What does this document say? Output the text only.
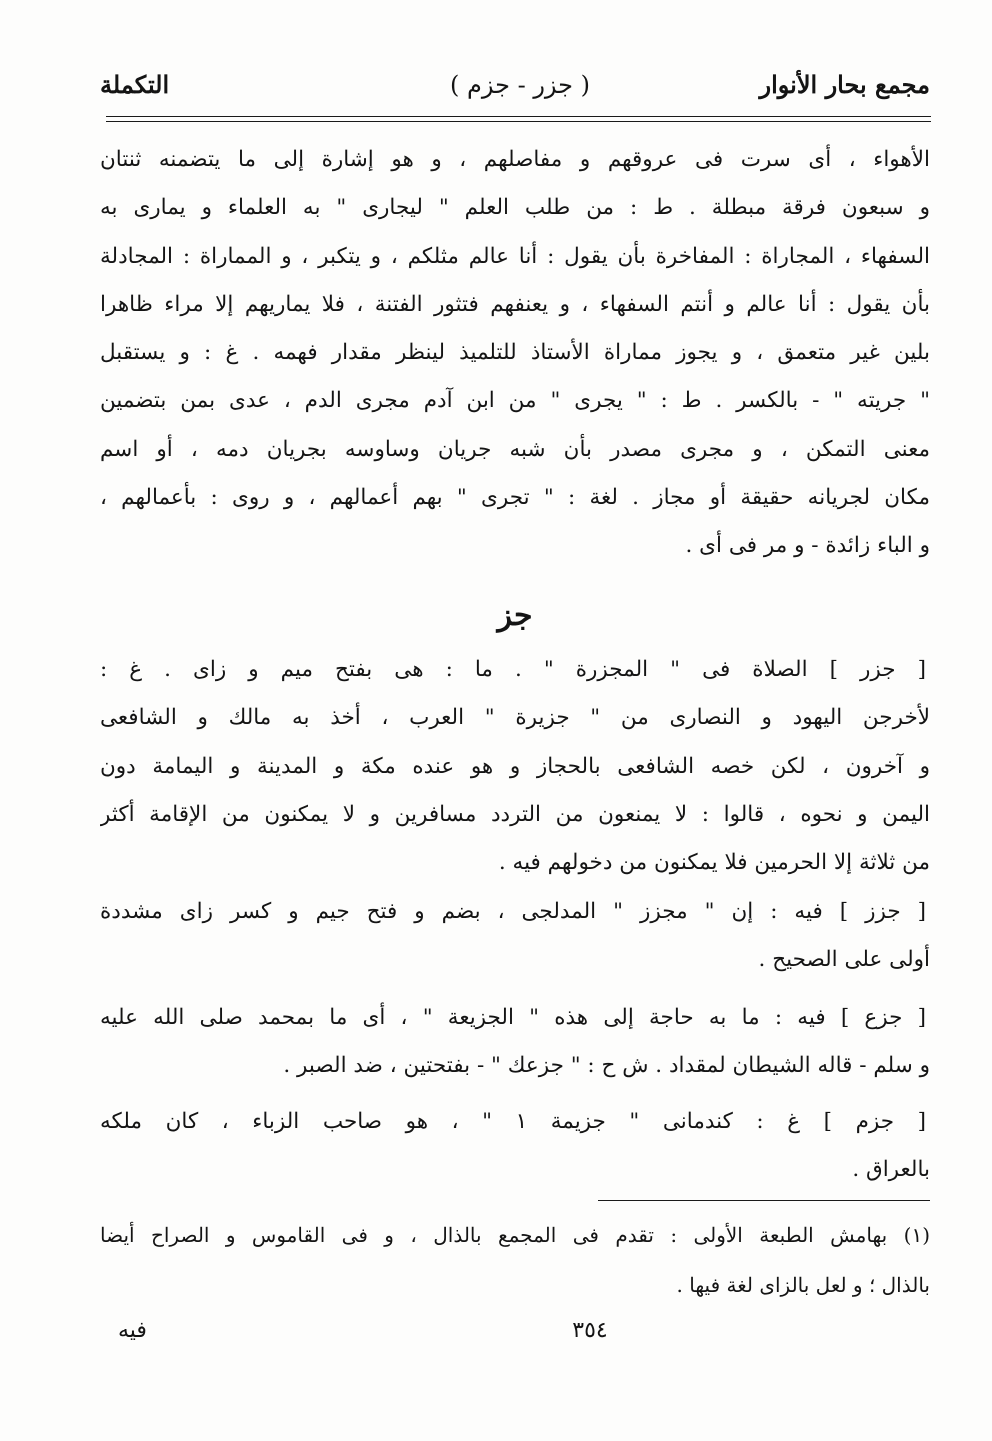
مجمع بحار الأنوار
( جزر - جزم )
التكملة
الأهواء ، أى سرت فى عروقهم و مفاصلهم ، و هو إشارة إلى ما يتضمنه ثنتان
و سبعون فرقة مبطلة . ط : من طلب العلم " ليجارى " به العلماء و يمارى به
السفهاء ، المجاراة : المفاخرة بأن يقول : أنا عالم مثلكم ، و يتكبر ، و المماراة : المجادلة
بأن يقول : أنا عالم و أنتم السفهاء ، و يعنفهم فتثور الفتنة ، فلا يماريهم إلا مراء ظاهرا
بلين غير متعمق ، و يجوز مماراة الأستاذ للتلميذ لينظر مقدار فهمه . غ : و يستقبل
" جريته " - بالكسر . ط : " يجرى " من ابن آدم مجرى الدم ، عدى بمن بتضمين
معنى التمكن ، و مجرى مصدر بأن شبه جريان وساوسه بجريان دمه ، أو اسم
مكان لجريانه حقيقة أو مجاز . لغة : " تجرى " بهم أعمالهم ، و روى : بأعمالهم ،
و الباء زائدة - و مر فى أى .
جز
[ جزر ] الصلاة فى " المجزرة " . ما : هى بفتح ميم و زاى . غ :
لأخرجن اليهود و النصارى من " جزيرة " العرب ، أخذ به مالك و الشافعى
و آخرون ، لكن خصه الشافعى بالحجاز و هو عنده مكة و المدينة و اليمامة دون
اليمن و نحوه ، قالوا : لا يمنعون من التردد مسافرين و لا يمكنون من الإقامة أكثر
من ثلاثة إلا الحرمين فلا يمكنون من دخولهم فيه .
[ جزز ] فيه : إن " مجزز " المدلجى ، بضم و فتح جيم و كسر زاى مشددة
أولى على الصحيح .
[ جزع ] فيه : ما به حاجة إلى هذه " الجزيعة " ، أى ما بمحمد صلى الله عليه
و سلم - قاله الشيطان لمقداد . ش ح : " جزعك " - بفتحتين ، ضد الصبر .
[ جزم ] غ : كندمانى " جزيمة ١ " ، هو صاحب الزباء ، كان ملكه
بالعراق .
(١) بهامش الطبعة الأولى : تقدم فى المجمع بالذال ، و فى القاموس و الصراح أيضا
بالذال ؛ و لعل بالزاى لغة فيها .
٣٥٤
فيه
